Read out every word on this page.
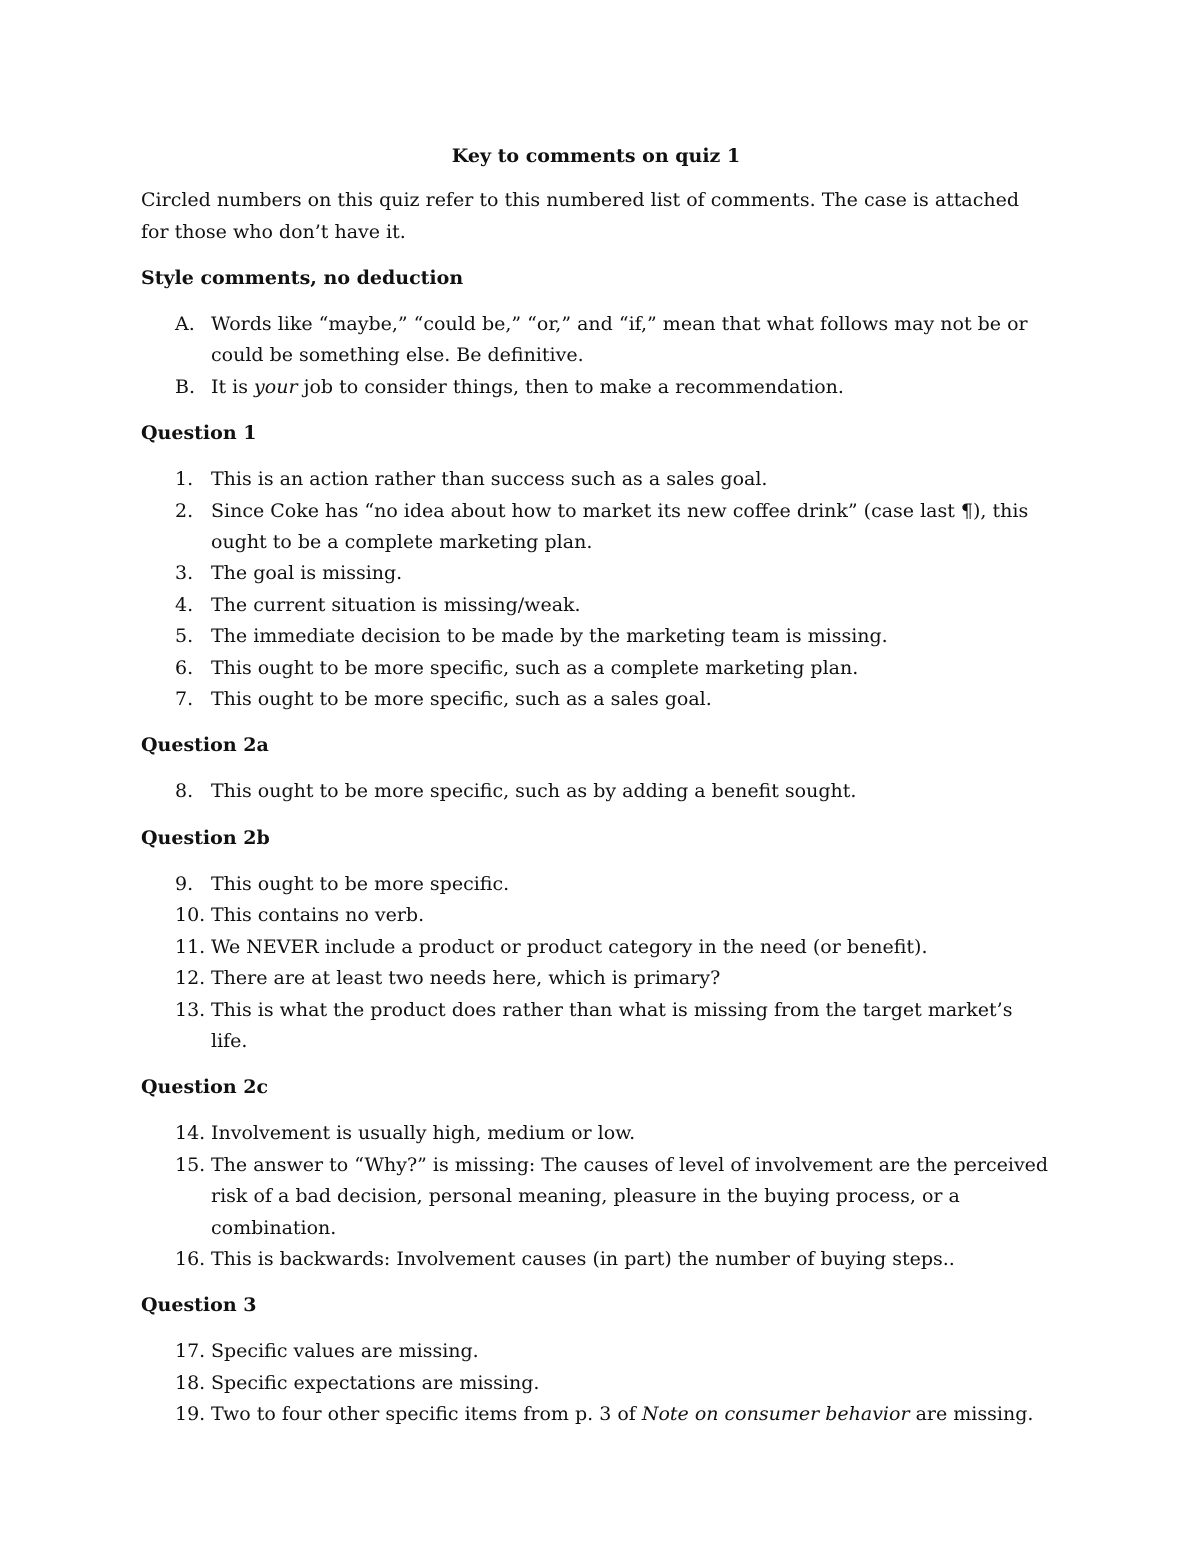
Key to comments on quiz 1

Circled numbers on this quiz refer to this numbered list of comments. The case is attached for those who don’t have it.

Style comments, no deduction
A. Words like “maybe,” “could be,” “or,” and “if,” mean that what follows may not be or could be something else. Be definitive.
B. It is your job to consider things, then to make a recommendation.
Question 1
1. This is an action rather than success such as a sales goal.
2. Since Coke has “no idea about how to market its new coffee drink” (case last ¶), this ought to be a complete marketing plan.
3. The goal is missing.
4. The current situation is missing/weak.
5. The immediate decision to be made by the marketing team is missing.
6. This ought to be more specific, such as a complete marketing plan.
7. This ought to be more specific, such as a sales goal.
Question 2a
8. This ought to be more specific, such as by adding a benefit sought.
Question 2b
9. This ought to be more specific.
10. This contains no verb.
11. We NEVER include a product or product category in the need (or benefit).
12. There are at least two needs here, which is primary?
13. This is what the product does rather than what is missing from the target market’s life.
Question 2c
14. Involvement is usually high, medium or low.
15. The answer to “Why?” is missing: The causes of level of involvement are the perceived risk of a bad decision, personal meaning, pleasure in the buying process, or a combination.
16. This is backwards: Involvement causes (in part) the number of buying steps..
Question 3
17. Specific values are missing.
18. Specific expectations are missing.
19. Two to four other specific items from p. 3 of Note on consumer behavior are missing.
